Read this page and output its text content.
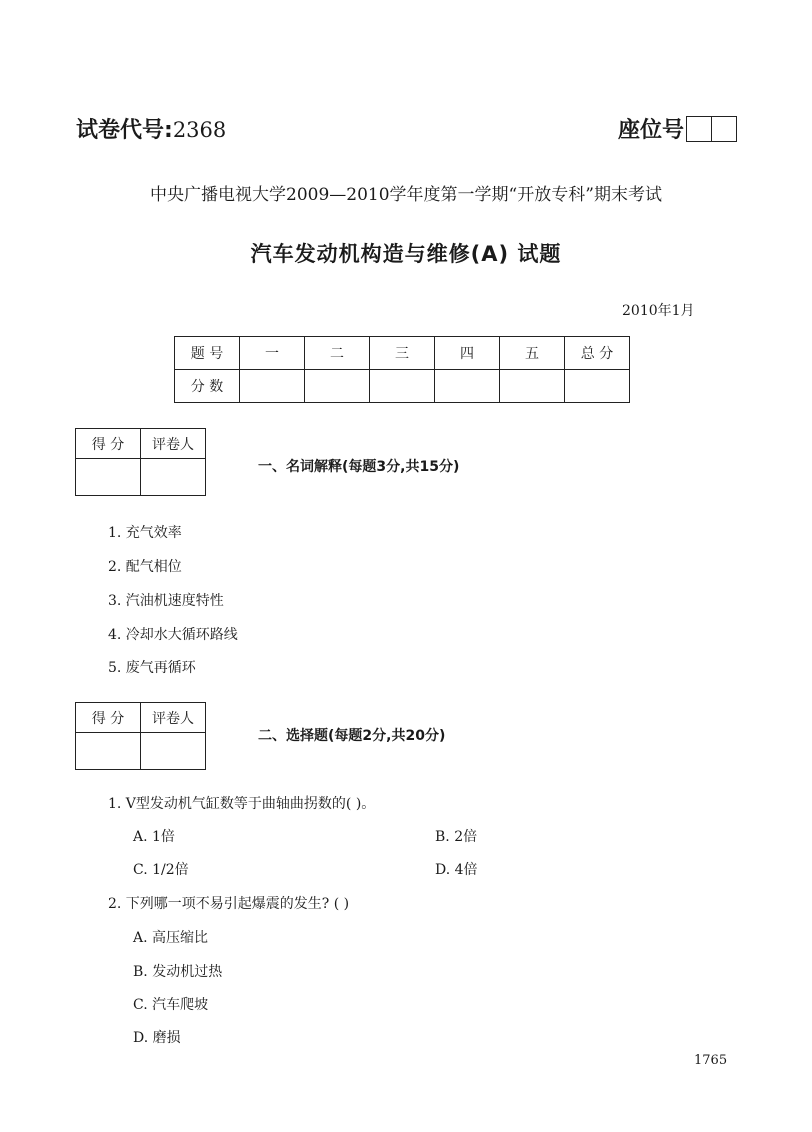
试卷代号:2368	座位号
中央广播电视大学2009—2010学年度第一学期“开放专科”期末考试
汽车发动机构造与维修(A) 试题
2010年1月
题 号	一	二	三	四	五	总 分
分 数						
得 分	评卷人

一、名词解释(每题3分,共15分)
1. 充气效率
2. 配气相位
3. 汽油机速度特性
4. 冷却水大循环路线
5. 废气再循环
得 分	评卷人

二、选择题(每题2分,共20分)
1. V型发动机气缸数等于曲轴曲拐数的( )。
A. 1倍	B. 2倍
C. 1/2倍	D. 4倍
2. 下列哪一项不易引起爆震的发生? ( )
A. 高压缩比
B. 发动机过热
C. 汽车爬坡
D. 磨损
1765
